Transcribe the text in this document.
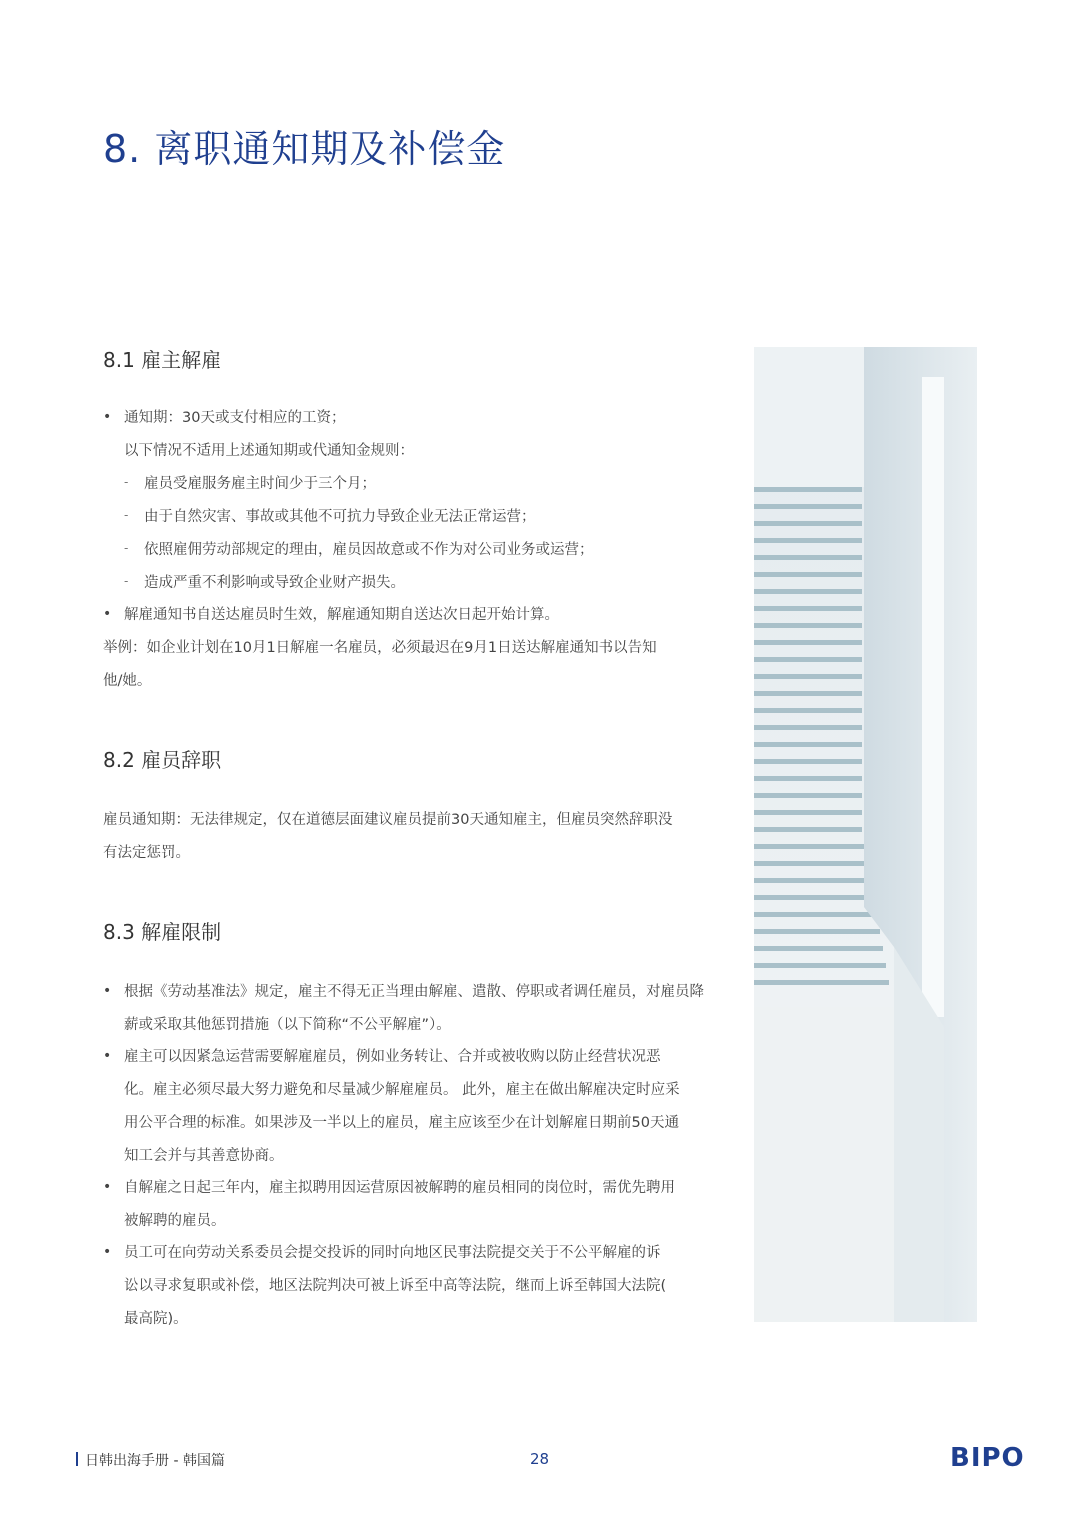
8. 离职通知期及补偿金
8.1 雇主解雇
• 通知期：30天或支付相应的工资；
以下情况不适用上述通知期或代通知金规则：
- 雇员受雇服务雇主时间少于三个月；
- 由于自然灾害、事故或其他不可抗力导致企业无法正常运营；
- 依照雇佣劳动部规定的理由，雇员因故意或不作为对公司业务或运营；
- 造成严重不利影响或导致企业财产损失。
• 解雇通知书自送达雇员时生效，解雇通知期自送达次日起开始计算。
举例：如企业计划在10月1日解雇一名雇员，必须最迟在9月1日送达解雇通知书以告知
他/她。
8.2 雇员辞职
雇员通知期：无法律规定，仅在道德层面建议雇员提前30天通知雇主，但雇员突然辞职没
有法定惩罚。
8.3 解雇限制
• 根据《劳动基准法》规定，雇主不得无正当理由解雇、遣散、停职或者调任雇员，对雇员降
薪或采取其他惩罚措施（以下简称“不公平解雇”）。
• 雇主可以因紧急运营需要解雇雇员，例如业务转让、合并或被收购以防止经营状况恶
化。雇主必须尽最大努力避免和尽量减少解雇雇员。 此外，雇主在做出解雇决定时应采
用公平合理的标准。如果涉及一半以上的雇员，雇主应该至少在计划解雇日期前50天通
知工会并与其善意协商。
• 自解雇之日起三年内，雇主拟聘用因运营原因被解聘的雇员相同的岗位时，需优先聘用
被解聘的雇员。
• 员工可在向劳动关系委员会提交投诉的同时向地区民事法院提交关于不公平解雇的诉
讼以寻求复职或补偿，地区法院判决可被上诉至中高等法院，继而上诉至韩国大法院(
最高院)。
日韩出海手册 - 韩国篇	28	BIPO
